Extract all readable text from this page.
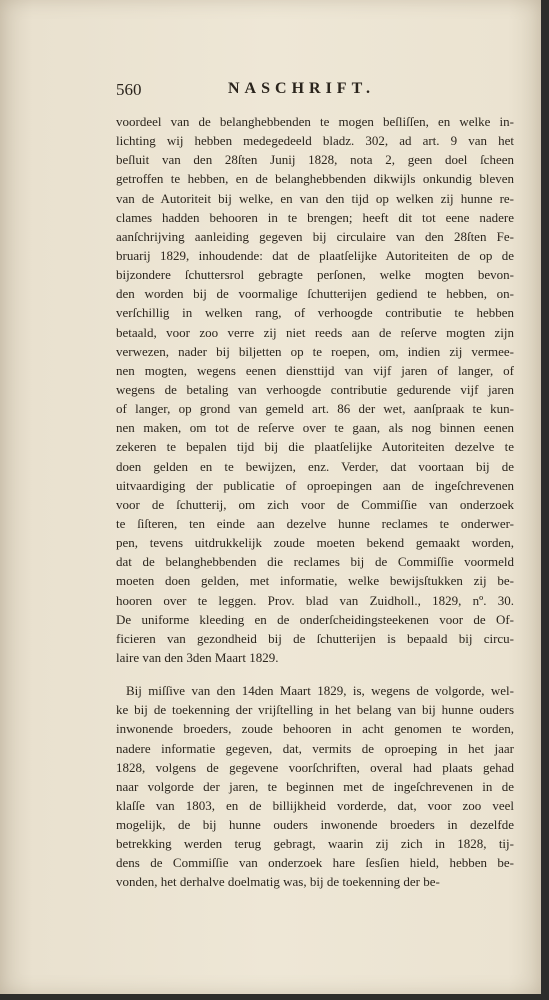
560	NASCHRIFT.
voordeel van de belanghebbenden te mogen beſliſſen, en welke in-
lichting wij hebben medegedeeld bladz. 302, ad art. 9 van het
beſluit van den 28ſten Junij 1828, nota 2, geen doel ſcheen
getroffen te hebben, en de belanghebbenden dikwijls onkundig bleven
van de Autoriteit bij welke, en van den tijd op welken zij hunne re-
clames hadden behooren in te brengen; heeft dit tot eene nadere
aanſchrijving aanleiding gegeven bij circulaire van den 28ſten Fe-
bruarij 1829, inhoudende: dat de plaatſelijke Autoriteiten de op de
bijzondere ſchuttersrol gebragte perſonen, welke mogten bevon-
den worden bij de voormalige ſchutterijen gediend te hebben, on-
verſchillig in welken rang, of verhoogde contributie te hebben
betaald, voor zoo verre zij niet reeds aan de reſerve mogten zijn
verwezen, nader bij biljetten op te roepen, om, indien zij vermee-
nen mogten, wegens eenen diensttijd van vijf jaren of langer, of
wegens de betaling van verhoogde contributie gedurende vijf jaren
of langer, op grond van gemeld art. 86 der wet, aanſpraak te kun-
nen maken, om tot de reſerve over te gaan, als nog binnen eenen
zekeren te bepalen tijd bij die plaatſelijke Autoriteiten dezelve te
doen gelden en te bewijzen, enz. Verder, dat voortaan bij de
uitvaardiging der publicatie of oproepingen aan de ingeſchrevenen
voor de ſchutterij, om zich voor de Commiſſie van onderzoek
te ſiſteren, ten einde aan dezelve hunne reclames te onderwer-
pen, tevens uitdrukkelijk zoude moeten bekend gemaakt worden,
dat de belanghebbenden die reclames bij de Commiſſie voormeld
moeten doen gelden, met informatie, welke bewijsſtukken zij be-
hooren over te leggen. Prov. blad van Zuidholl., 1829, nº. 30.
De uniforme kleeding en de onderſcheidingsteekenen voor de Of-
ficieren van gezondheid bij de ſchutterijen is bepaald bij circu-
laire van den 3den Maart 1829.
Bij miſſive van den 14den Maart 1829, is, wegens de volgorde, wel-
ke bij de toekenning der vrijſtelling in het belang van bij hunne ouders
inwonende broeders, zoude behooren in acht genomen te worden,
nadere informatie gegeven, dat, vermits de oproeping in het jaar
1828, volgens de gegevene voorſchriften, overal had plaats gehad
naar volgorde der jaren, te beginnen met de ingeſchrevenen in de
klaſſe van 1803, en de billijkheid vorderde, dat, voor zoo veel
mogelijk, de bij hunne ouders inwonende broeders in dezelfde
betrekking werden terug gebragt, waarin zij zich in 1828, tij-
dens de Commiſſie van onderzoek hare ſesſien hield, hebben be-
vonden, het derhalve doelmatig was, bij de toekenning der be-
